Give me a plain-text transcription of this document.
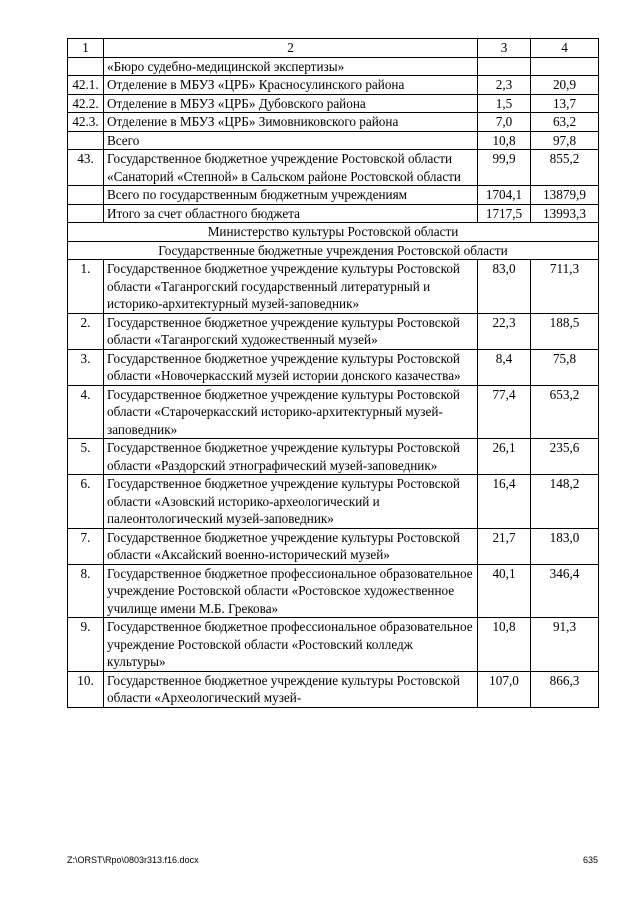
1	2	3	4
	«Бюро судебно-медицинской экспертизы»		
42.1.	Отделение в МБУЗ «ЦРБ» Красносулинского района	2,3	20,9
42.2.	Отделение в МБУЗ «ЦРБ» Дубовского района	1,5	13,7
42.3.	Отделение в МБУЗ «ЦРБ» Зимовниковского района	7,0	63,2
	Всего	10,8	97,8
43.	Государственное бюджетное учреждение Ростовской области «Санаторий «Степной» в Сальском районе Ростовской области	99,9	855,2
	Всего по государственным бюджетным учреждениям	1704,1	13879,9
	Итого за счет областного бюджета	1717,5	13993,3
Министерство культуры Ростовской области			
Государственные бюджетные учреждения Ростовской области			
1.	Государственное бюджетное учреждение культуры Ростовской области «Таганрогский государственный литературный и историко-архитектурный музей-заповедник»	83,0	711,3
2.	Государственное бюджетное учреждение культуры Ростовской области «Таганрогский художественный музей»	22,3	188,5
3.	Государственное бюджетное учреждение культуры Ростовской области «Новочеркасский музей истории донского казачества»	8,4	75,8
4.	Государственное бюджетное учреждение культуры Ростовской области «Старочеркасский историко-архитектурный музей-заповедник»	77,4	653,2
5.	Государственное бюджетное учреждение культуры Ростовской области «Раздорский этнографический музей-заповедник»	26,1	235,6
6.	Государственное бюджетное учреждение культуры Ростовской области «Азовский историко-археологический и палеонтологический музей-заповедник»	16,4	148,2
7.	Государственное бюджетное учреждение культуры Ростовской области «Аксайский военно-исторический музей»	21,7	183,0
8.	Государственное бюджетное профессиональное образовательное учреждение Ростовской области «Ростовское художественное училище имени М.Б. Грекова»	40,1	346,4
9.	Государственное бюджетное профессиональное образовательное учреждение Ростовской области «Ростовский колледж культуры»	10,8	91,3
10.	Государственное бюджетное учреждение культуры Ростовской области «Археологический музей-	107,0	866,3
Z:\ORST\Rpo\0803r313.f16.docx	635
